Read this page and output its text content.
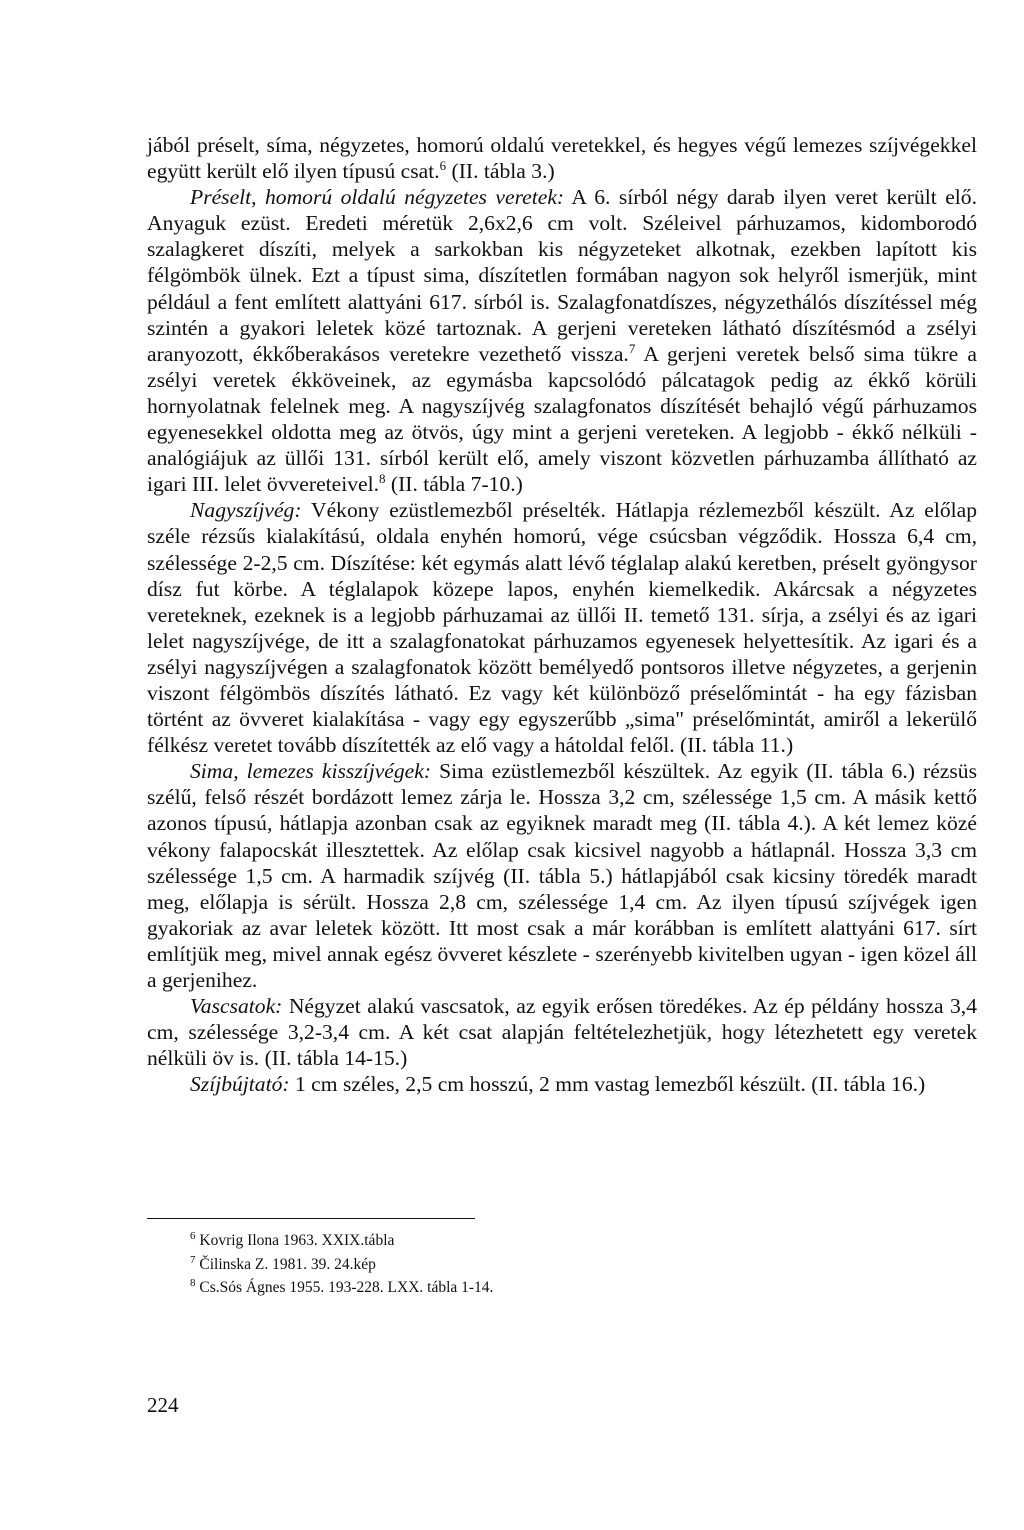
jából préselt, síma, négyzetes, homorú oldalú veretekkel, és hegyes végű lemezes szíjvégekkel együtt került elő ilyen típusú csat.$^6$ (II. tábla 3.)

Préselt, homorú oldalú négyzetes veretek: A 6. sírból négy darab ilyen veret került elő. Anyaguk ezüst. Eredeti méretük 2,6x2,6 cm volt. Széleivel párhuzamos, kidomborodó szalagkeret díszíti, melyek a sarkokban kis négyzeteket alkotnak, ezekben lapított kis félgömbök ülnek. Ezt a típust sima, díszítetlen formában nagyon sok helyről ismerjük, mint például a fent említett alattyáni 617. sírból is. Szalagfonatdíszes, négyzethálós díszítéssel még szintén a gyakori leletek közé tartoznak. A gerjeni vereteken látható díszítésmód a zsélyi aranyozott, ékkőberakásos veretekre vezethető vissza.$^7$ A gerjeni veretek belső sima tükre a zsélyi veretek ékköveinek, az egymásba kapcsolódó pálcatagok pedig az ékkő körüli hornyolatnak felelnek meg. A nagyszíjvég szalagfonatos díszítését behajló végű párhuzamos egyenesekkel oldotta meg az ötvös, úgy mint a gerjeni vereteken. A legjobb - ékkő nélküli - analógiájuk az üllői 131. sírból került elő, amely viszont közvetlen párhuzamba állítható az igari III. lelet övvereteivel.$^8$ (II. tábla 7-10.)

Nagyszíjvég: Vékony ezüstlemezből préselték. Hátlapja rézlemezből készült. Az előlap széle rézsűs kialakítású, oldala enyhén homorú, vége csúcsban végződik. Hossza 6,4 cm, szélessége 2-2,5 cm. Díszítése: két egymás alatt lévő téglalap alakú keretben, préselt gyöngysor dísz fut körbe. A téglalapok közepe lapos, enyhén kiemelkedik. Akárcsak a négyzetes vereteknek, ezeknek is a legjobb párhuzamai az üllői II. temető 131. sírja, a zsélyi és az igari lelet nagyszíjvége, de itt a szalagfonatokat párhuzamos egyenesek helyettesítik. Az igari és a zsélyi nagyszíjvégen a szalagfonatok között bemélyedő pontsoros illetve négyzetes, a gerjenin viszont félgömbös díszítés látható. Ez vagy két különböző préselőmintát - ha egy fázisban történt az övveret kialakítása - vagy egy egyszerűbb „sima" préselőmintát, amiről a lekerülő félkész veretet tovább díszítették az elő vagy a hátoldal felől. (II. tábla 11.)

Sima, lemezes kisszíjvégek: Sima ezüstlemezből készültek. Az egyik (II. tábla 6.) rézsüs szélű, felső részét bordázott lemez zárja le. Hossza 3,2 cm, szélessége 1,5 cm. A másik kettő azonos típusú, hátlapja azonban csak az egyiknek maradt meg (II. tábla 4.). A két lemez közé vékony falapocskát illesztettek. Az előlap csak kicsivel nagyobb a hátlapnál. Hossza 3,3 cm szélessége 1,5 cm. A harmadik szíjvég (II. tábla 5.) hátlapjából csak kicsiny töredék maradt meg, előlapja is sérült. Hossza 2,8 cm, szélessége 1,4 cm. Az ilyen típusú szíjvégek igen gyakoriak az avar leletek között. Itt most csak a már korábban is említett alattyáni 617. sírt említjük meg, mivel annak egész övveret készlete - szerényebb kivitelben ugyan - igen közel áll a gerjenihez.

Vascsatok: Négyzet alakú vascsatok, az egyik erősen töredékes. Az ép példány hossza 3,4 cm, szélessége 3,2-3,4 cm. A két csat alapján feltételezhetjük, hogy létezhetett egy veretek nélküli öv is. (II. tábla 14-15.)

Szíjbújtató: 1 cm széles, 2,5 cm hosszú, 2 mm vastag lemezből készült. (II. tábla 16.)

$^6$ Kovrig Ilona 1963. XXIX.tábla

$^7$ Čilinska Z. 1981. 39. 24.kép

$^8$ Cs.Sós Ágnes 1955. 193-228. LXX. tábla 1-14.

224
